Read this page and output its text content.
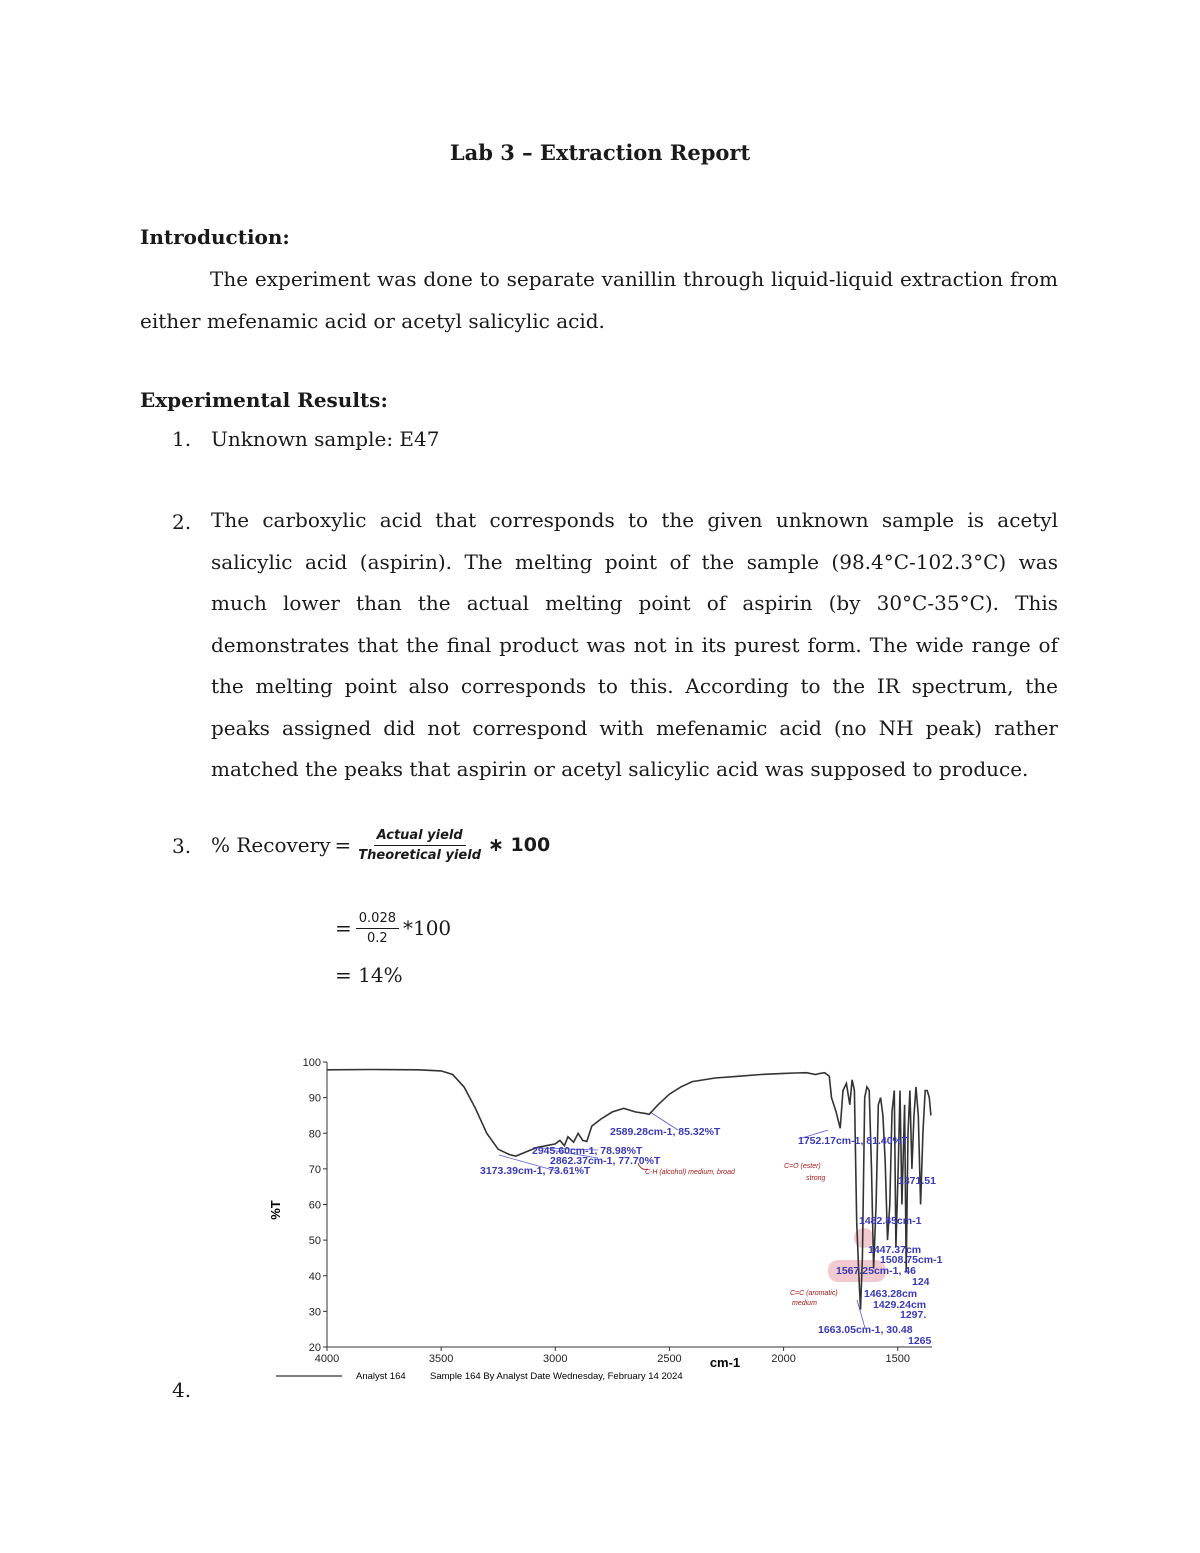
Lab 3 – Extraction Report
Introduction:
The experiment was done to separate vanillin through liquid-liquid extraction from either mefenamic acid or acetyl salicylic acid.
Experimental Results:
1. Unknown sample: E47
2. The carboxylic acid that corresponds to the given unknown sample is acetyl salicylic acid (aspirin). The melting point of the sample (98.4°C-102.3°C) was much lower than the actual melting point of aspirin (by 30°C-35°C). This demonstrates that the final product was not in its purest form. The wide range of the melting point also corresponds to this. According to the IR spectrum, the peaks assigned did not correspond with mefenamic acid (no NH peak) rather matched the peaks that aspirin or acetyl salicylic acid was supposed to produce.
3. % Recovery = $\frac{\text{Actual yield}}{\text{Theoretical yield}}$ ∗ 100
= $\frac{0.028}{0.2} *100$
= 14%
4.
20
30
40
50
60
70
80
90
100
4000	3500	3000	2500	2000	1500
%T
cm-1
3173.39cm-1, 73.61%T
2945.60cm-1, 78.98%T
2862.37cm-1, 77.70%T
2589.28cm-1, 85.32%T
1752.17cm-1, 81.40%T
1371.51
1482.85cm-1
1447.37cm
1508.75cm-1
1567.25cm-1, 46
124
1463.28cm
1429.24cm
1297.
1663.05cm-1, 30.48
1265
C-H (alcohol) medium, broad
C=O (ester)
strong
C=C (aromatic)
medium
Analyst 164	Sample 164 By Analyst Date Wednesday, February 14 2024
